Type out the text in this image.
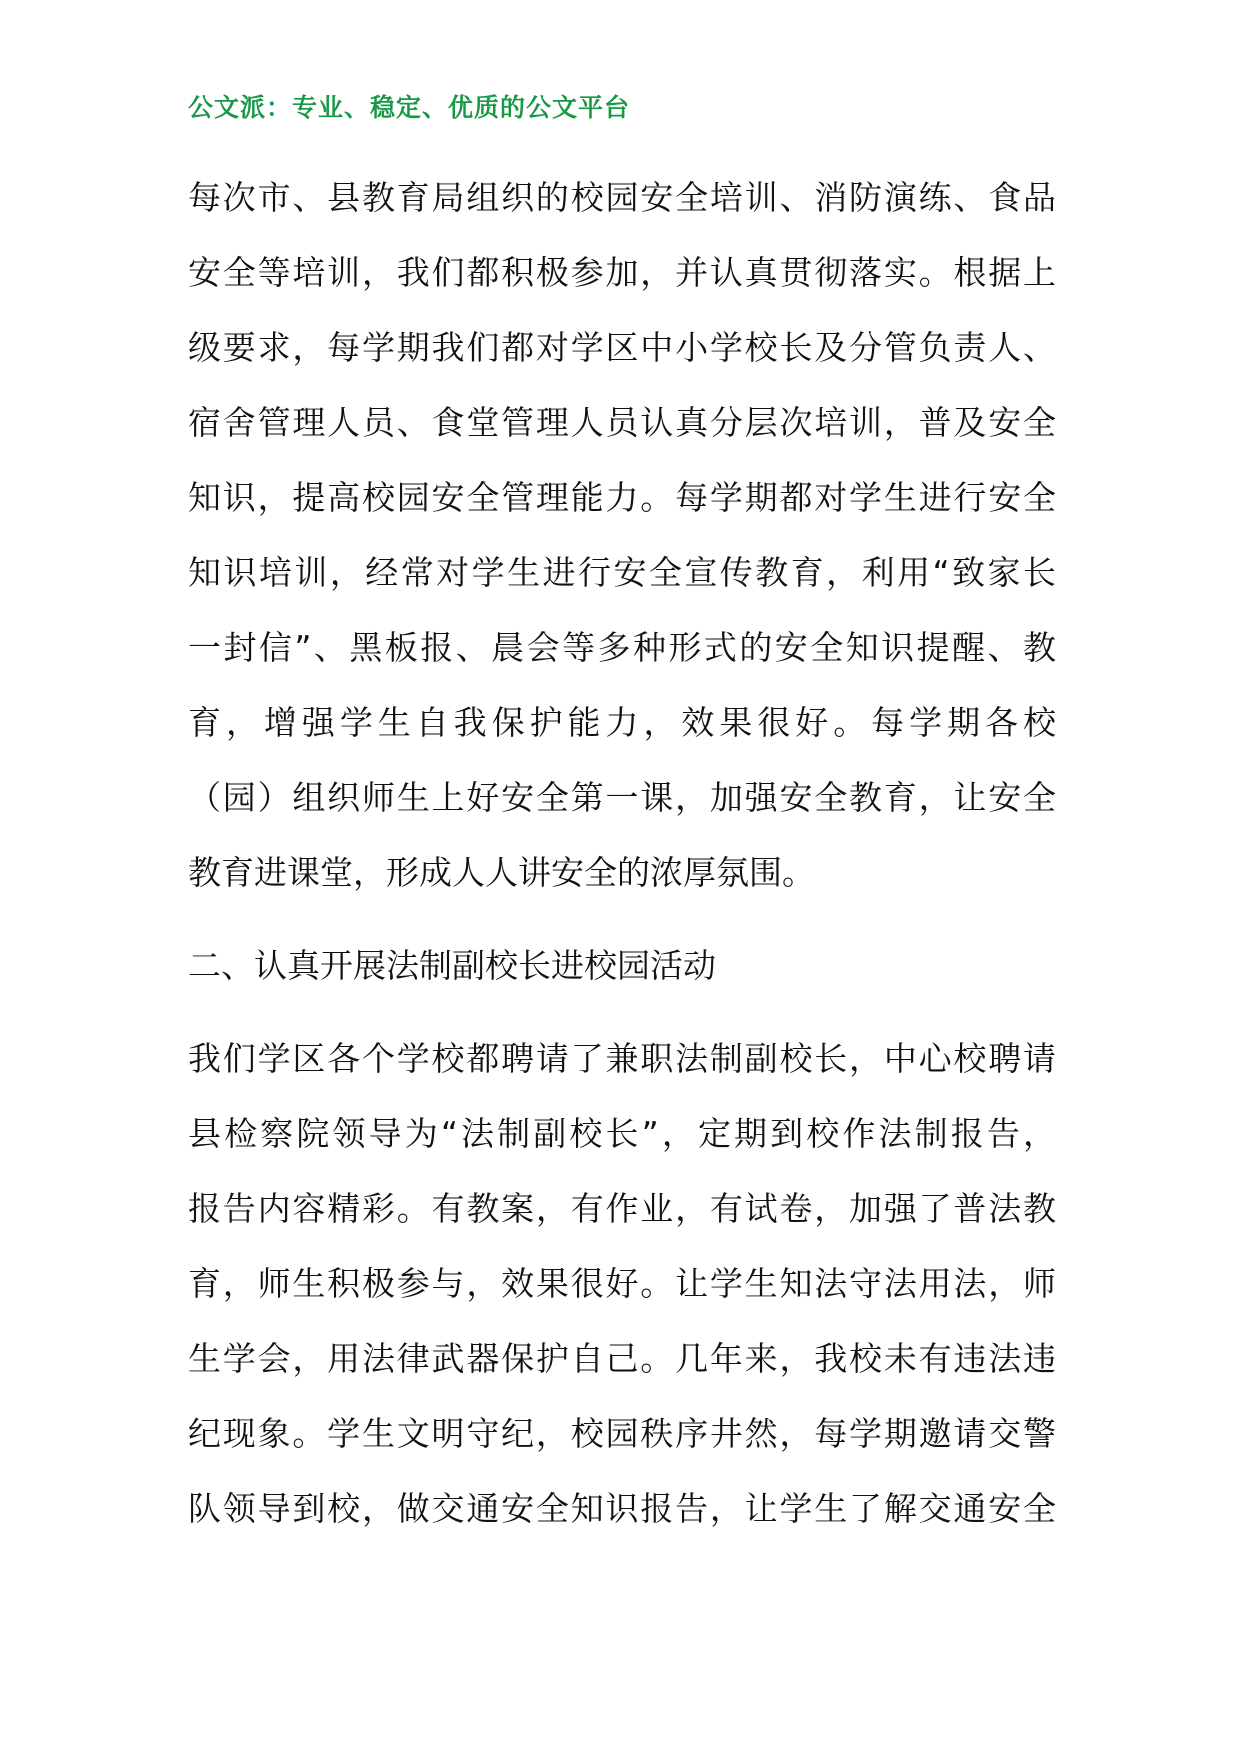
公文派：专业、稳定、优质的公文平台
每次市、县教育局组织的校园安全培训、消防演练、食品
安全等培训，我们都积极参加，并认真贯彻落实。根据上
级要求，每学期我们都对学区中小学校长及分管负责人、
宿舍管理人员、食堂管理人员认真分层次培训，普及安全
知识，提高校园安全管理能力。每学期都对学生进行安全
知识培训，经常对学生进行安全宣传教育，利用“致家长
一封信”、黑板报、晨会等多种形式的安全知识提醒、教
育，增强学生自我保护能力，效果很好。每学期各校
（园）组织师生上好安全第一课，加强安全教育，让安全
教育进课堂，形成人人讲安全的浓厚氛围。
二、认真开展法制副校长进校园活动
我们学区各个学校都聘请了兼职法制副校长，中心校聘请
县检察院领导为“法制副校长”，定期到校作法制报告，
报告内容精彩。有教案，有作业，有试卷，加强了普法教
育，师生积极参与，效果很好。让学生知法守法用法，师
生学会，用法律武器保护自己。几年来，我校未有违法违
纪现象。学生文明守纪，校园秩序井然，每学期邀请交警
队领导到校，做交通安全知识报告，让学生了解交通安全
